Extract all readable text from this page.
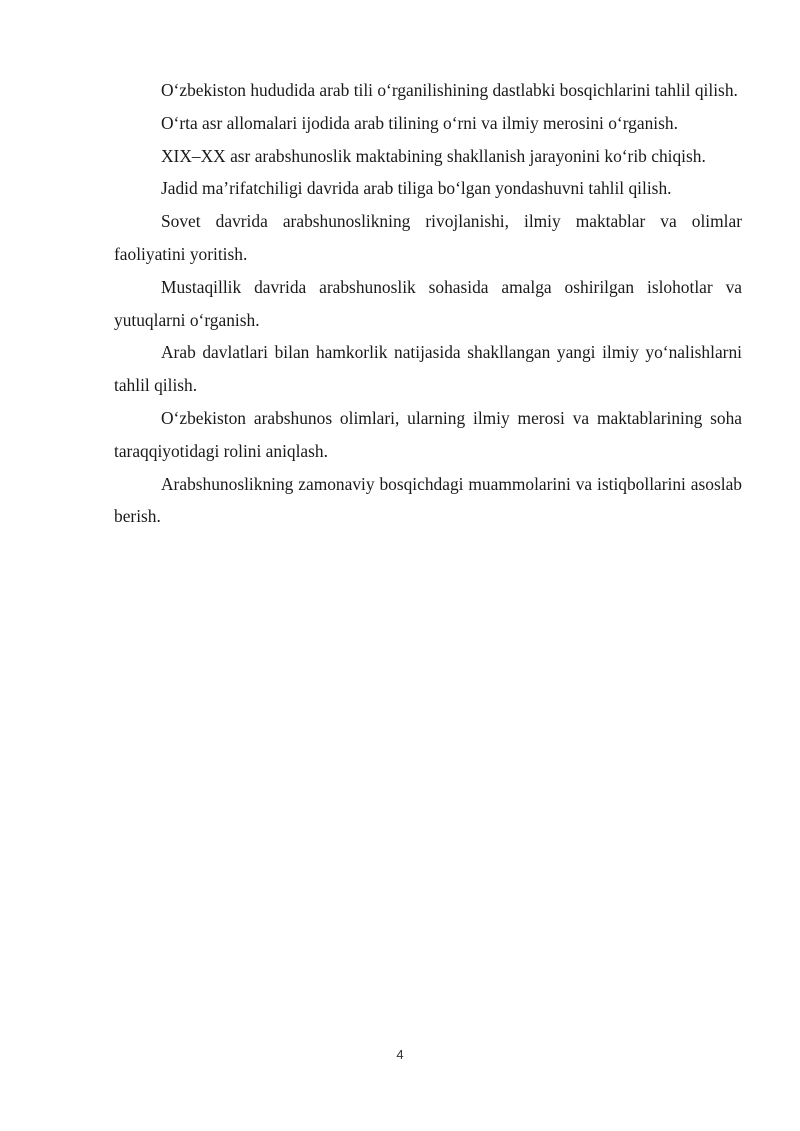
O‘zbekiston hududida arab tili o‘rganilishining dastlabki bosqichlarini tahlil qilish.

O‘rta asr allomalari ijodida arab tilining o‘rni va ilmiy merosini o‘rganish.

XIX–XX asr arabshunoslik maktabining shakllanish jarayonini ko‘rib chiqish.

Jadid ma’rifatchiligi davrida arab tiliga bo‘lgan yondashuvni tahlil qilish.

Sovet davrida arabshunoslikning rivojlanishi, ilmiy maktablar va olimlar faoliyatini yoritish.

Mustaqillik davrida arabshunoslik sohasida amalga oshirilgan islohotlar va yutuqlarni o‘rganish.

Arab davlatlari bilan hamkorlik natijasida shakllangan yangi ilmiy yo‘nalishlarni tahlil qilish.

O‘zbekiston arabshunos olimlari, ularning ilmiy merosi va maktablarining soha taraqqiyotidagi rolini aniqlash.

Arabshunoslikning zamonaviy bosqichdagi muammolarini va istiqbollarini asoslab berish.

4
